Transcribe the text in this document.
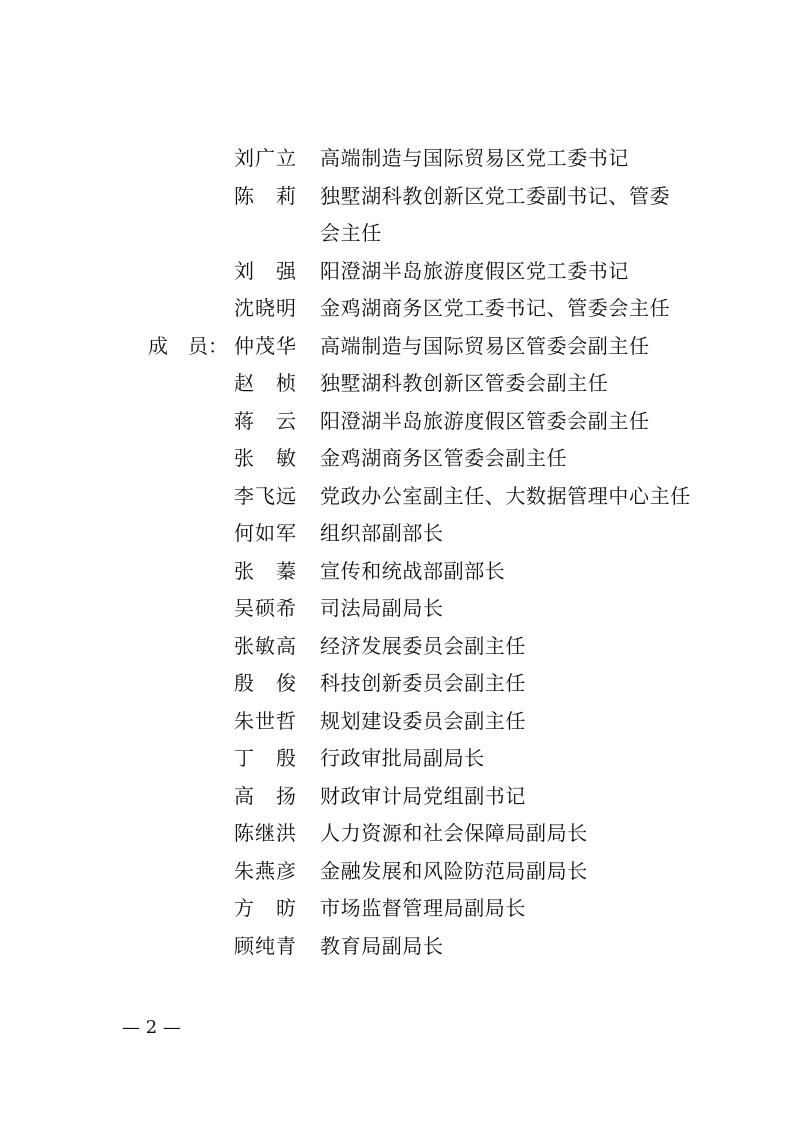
刘广立 高端制造与国际贸易区党工委书记
陈莉 独墅湖科教创新区党工委副书记、管委
会主任
刘强 阳澄湖半岛旅游度假区党工委书记
沈晓明 金鸡湖商务区党工委书记、管委会主任
成　员： 仲茂华 高端制造与国际贸易区管委会副主任
赵桢 独墅湖科教创新区管委会副主任
蒋云 阳澄湖半岛旅游度假区管委会副主任
张敏 金鸡湖商务区管委会副主任
李飞远 党政办公室副主任、大数据管理中心主任
何如军 组织部副部长
张蓁 宣传和统战部副部长
吴硕希 司法局副局长
张敏高 经济发展委员会副主任
殷俊 科技创新委员会副主任
朱世哲 规划建设委员会副主任
丁殷 行政审批局副局长
高扬 财政审计局党组副书记
陈继洪 人力资源和社会保障局副局长
朱燕彦 金融发展和风险防范局副局长
方昉 市场监督管理局副局长
顾纯青 教育局副局长
— 2 —
